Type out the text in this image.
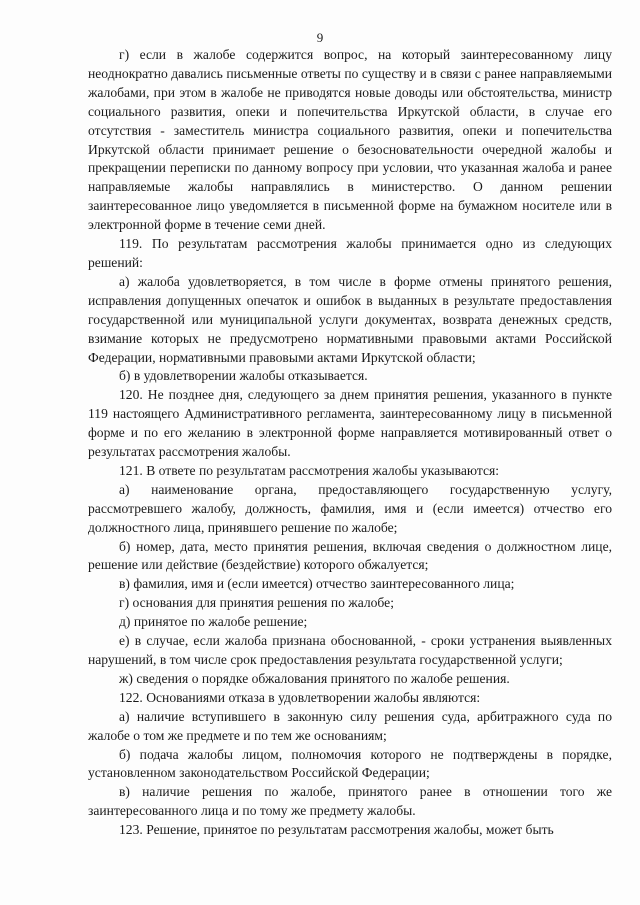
9

г) если в жалобе содержится вопрос, на который заинтересованному лицу неоднократно давались письменные ответы по существу и в связи с ранее направляемыми жалобами, при этом в жалобе не приводятся новые доводы или обстоятельства, министр социального развития, опеки и попечительства Иркутской области, в случае его отсутствия - заместитель министра социального развития, опеки и попечительства Иркутской области принимает решение о безосновательности очередной жалобы и прекращении переписки по данному вопросу при условии, что указанная жалоба и ранее направляемые жалобы направлялись в министерство. О данном решении заинтересованное лицо уведомляется в письменной форме на бумажном носителе или в электронной форме в течение семи дней.

119. По результатам рассмотрения жалобы принимается одно из следующих решений:

а) жалоба удовлетворяется, в том числе в форме отмены принятого решения, исправления допущенных опечаток и ошибок в выданных в результате предоставления государственной или муниципальной услуги документах, возврата денежных средств, взимание которых не предусмотрено нормативными правовыми актами Российской Федерации, нормативными правовыми актами Иркутской области;

б) в удовлетворении жалобы отказывается.

120. Не позднее дня, следующего за днем принятия решения, указанного в пункте 119 настоящего Административного регламента, заинтересованному лицу в письменной форме и по его желанию в электронной форме направляется мотивированный ответ о результатах рассмотрения жалобы.

121. В ответе по результатам рассмотрения жалобы указываются:

а) наименование органа, предоставляющего государственную услугу, рассмотревшего жалобу, должность, фамилия, имя и (если имеется) отчество его должностного лица, принявшего решение по жалобе;

б) номер, дата, место принятия решения, включая сведения о должностном лице, решение или действие (бездействие) которого обжалуется;

в) фамилия, имя и (если имеется) отчество заинтересованного лица;

г) основания для принятия решения по жалобе;

д) принятое по жалобе решение;

е) в случае, если жалоба признана обоснованной, - сроки устранения выявленных нарушений, в том числе срок предоставления результата государственной услуги;

ж) сведения о порядке обжалования принятого по жалобе решения.

122. Основаниями отказа в удовлетворении жалобы являются:

а) наличие вступившего в законную силу решения суда, арбитражного суда по жалобе о том же предмете и по тем же основаниям;

б) подача жалобы лицом, полномочия которого не подтверждены в порядке, установленном законодательством Российской Федерации;

в) наличие решения по жалобе, принятого ранее в отношении того же заинтересованного лица и по тому же предмету жалобы.

123. Решение, принятое по результатам рассмотрения жалобы, может быть
